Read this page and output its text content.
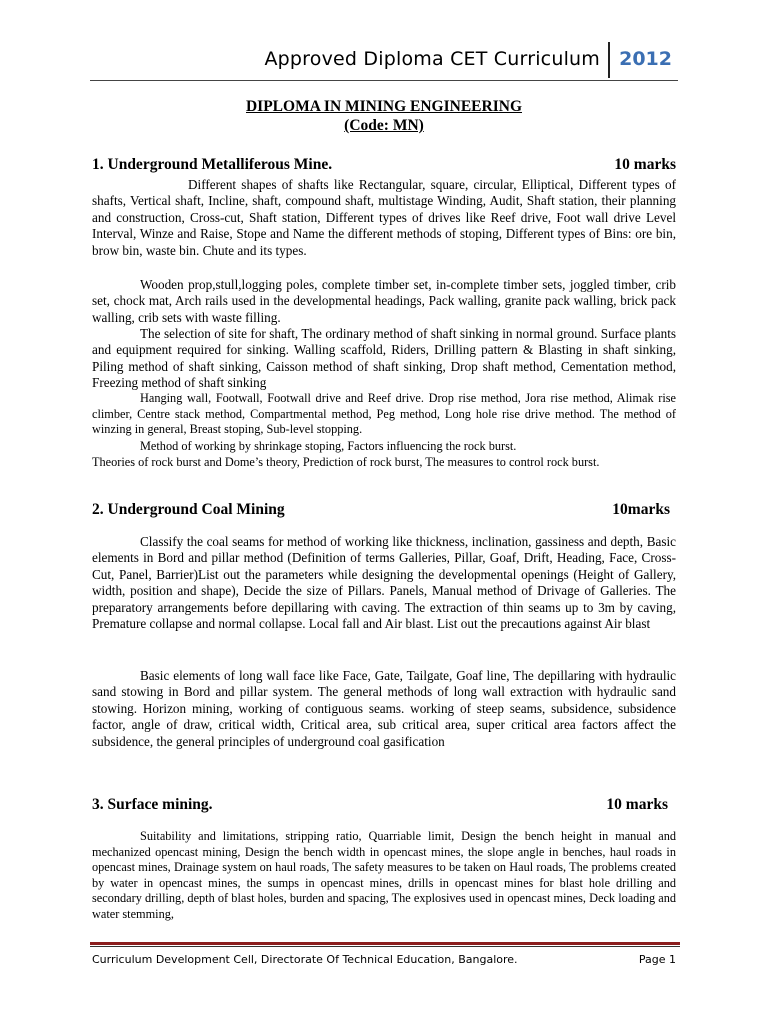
Approved Diploma CET Curriculum 2012
DIPLOMA IN MINING ENGINEERING
(Code: MN)
1. Underground Metalliferous Mine.	10 marks
Different shapes of shafts like Rectangular, square, circular, Elliptical, Different types of shafts, Vertical shaft, Incline, shaft, compound shaft, multistage Winding, Audit, Shaft station, their planning and construction, Cross-cut, Shaft station, Different types of drives like Reef drive, Foot wall drive Level Interval, Winze and Raise, Stope and Name the different methods of stoping, Different types of Bins: ore bin, brow bin, waste bin. Chute and its types.
Wooden prop,stull,logging poles, complete timber set, in-complete timber sets, joggled timber, crib set, chock mat, Arch rails used in the developmental headings, Pack walling, granite pack walling, brick pack walling, crib sets with waste filling.
The selection of site for shaft, The ordinary method of shaft sinking in normal ground. Surface plants and equipment required for sinking. Walling scaffold, Riders, Drilling pattern & Blasting in shaft sinking, Piling method of shaft sinking, Caisson method of shaft sinking, Drop shaft method, Cementation method, Freezing method of shaft sinking
Hanging wall, Footwall, Footwall drive and Reef drive. Drop rise method, Jora rise method, Alimak rise climber, Centre stack method, Compartmental method, Peg method, Long hole rise drive method. The method of winzing in general, Breast stoping, Sub-level stopping.
Method of working by shrinkage stoping, Factors influencing the rock burst.
Theories of rock burst and Dome’s theory, Prediction of rock burst, The measures to control rock burst.
2. Underground Coal Mining	10marks
Classify the coal seams for method of working like thickness, inclination, gassiness and depth, Basic elements in Bord and pillar method (Definition of terms Galleries, Pillar, Goaf, Drift, Heading, Face, Cross- Cut, Panel, Barrier)List out the parameters while designing the developmental openings (Height of Gallery, width, position and shape), Decide the size of Pillars. Panels, Manual method of Drivage of Galleries. The preparatory arrangements before depillaring with caving. The extraction of thin seams up to 3m by caving, Premature collapse and normal collapse. Local fall and Air blast. List out the precautions against Air blast
Basic elements of long wall face like Face, Gate, Tailgate, Goaf line, The depillaring with hydraulic sand stowing in Bord and pillar system. The general methods of long wall extraction with hydraulic sand stowing. Horizon mining, working of contiguous seams. working of steep seams, subsidence, subsidence factor, angle of draw, critical width, Critical area, sub critical area, super critical area factors affect the subsidence, the general principles of underground coal gasification
3. Surface mining.	10 marks
Suitability and limitations, stripping ratio, Quarriable limit, Design the bench height in manual and mechanized opencast mining, Design the bench width in opencast mines, the slope angle in benches, haul roads in opencast mines, Drainage system on haul roads, The safety measures to be taken on Haul roads, The problems created by water in opencast mines, the sumps in opencast mines, drills in opencast mines for blast hole drilling and secondary drilling, depth of blast holes, burden and spacing, The explosives used in opencast mines, Deck loading and water stemming,
Curriculum Development Cell, Directorate Of Technical Education, Bangalore.	Page 1
